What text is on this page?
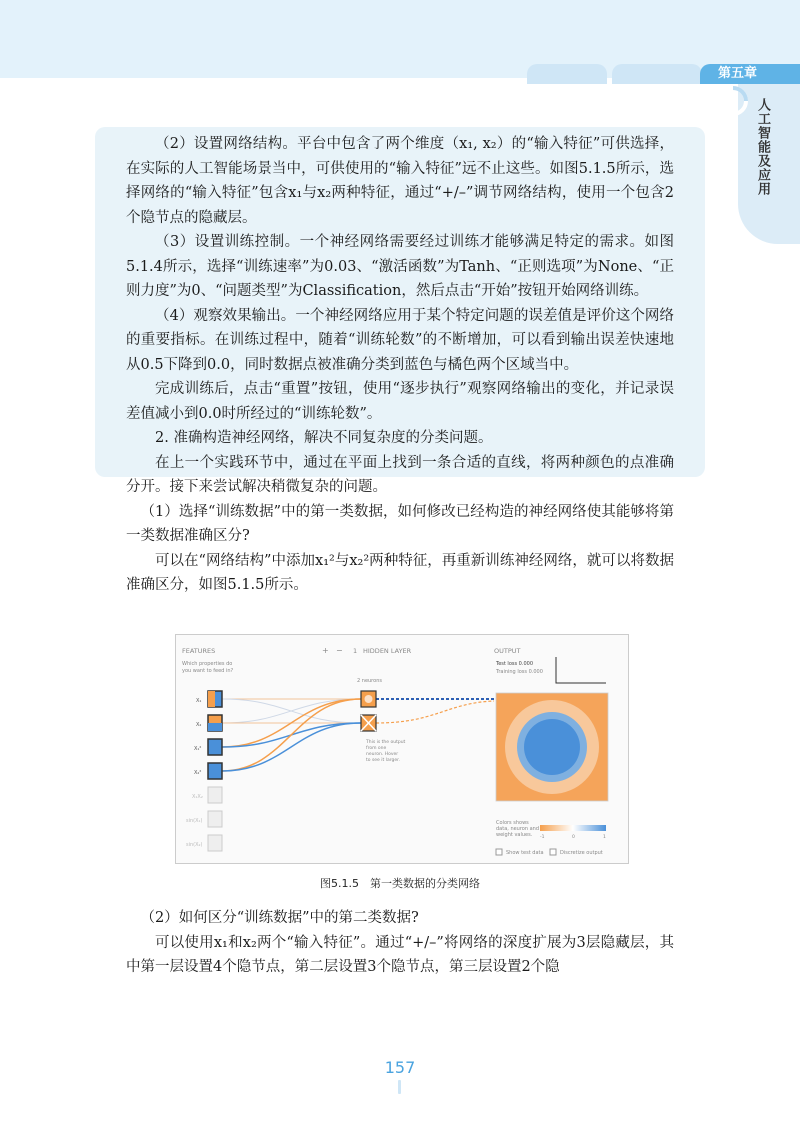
第五章
人工智能及应用

（2）设置网络结构。平台中包含了两个维度（x₁, x₂）的“输入特征”可供选择，在实际的人工智能场景当中，可供使用的“输入特征”远不止这些。如图5.1.5所示，选择网络的“输入特征”包含x₁与x₂两种特征，通过“+/–”调节网络结构，使用一个包含2个隐节点的隐藏层。

（3）设置训练控制。一个神经网络需要经过训练才能够满足特定的需求。如图5.1.4所示，选择“训练速率”为0.03、“激活函数”为Tanh、“正则选项”为None、“正则力度”为0、“问题类型”为Classification，然后点击“开始”按钮开始网络训练。

（4）观察效果输出。一个神经网络应用于某个特定问题的误差值是评价这个网络的重要指标。在训练过程中，随着“训练轮数”的不断增加，可以看到输出误差快速地从0.5下降到0.0，同时数据点被准确分类到蓝色与橘色两个区域当中。

完成训练后，点击“重置”按钮，使用“逐步执行”观察网络输出的变化，并记录误差值减小到0.0时所经过的“训练轮数”。

2. 准确构造神经网络，解决不同复杂度的分类问题。

在上一个实践环节中，通过在平面上找到一条合适的直线，将两种颜色的点准确分开。接下来尝试解决稍微复杂的问题。

（1）选择“训练数据”中的第一类数据，如何修改已经构造的神经网络使其能够将第一类数据准确区分?

可以在“网络结构”中添加x₁²与x₂²两种特征，再重新训练神经网络，就可以将数据准确区分，如图5.1.5所示。

FEATURES
Which properties do
you want to feed in?
+ − 1 HIDDEN LAYER
2 neurons
OUTPUT
Test loss 0.000
Training loss 0.000
X₁
X₂
X₁²
X₂²
X₁X₂
sin(X₁)
sin(X₂)
This is the output
from one
neuron. Hover
to see it larger.
Colors shows
data, neuron and
weight values. -1	0	1
Show test data	Discretize output
图5.1.5　第一类数据的分类网络

（2）如何区分“训练数据”中的第二类数据?

可以使用x₁和x₂两个“输入特征”。通过“+/–”将网络的深度扩展为3层隐藏层，其中第一层设置4个隐节点，第二层设置3个隐节点，第三层设置2个隐

157
